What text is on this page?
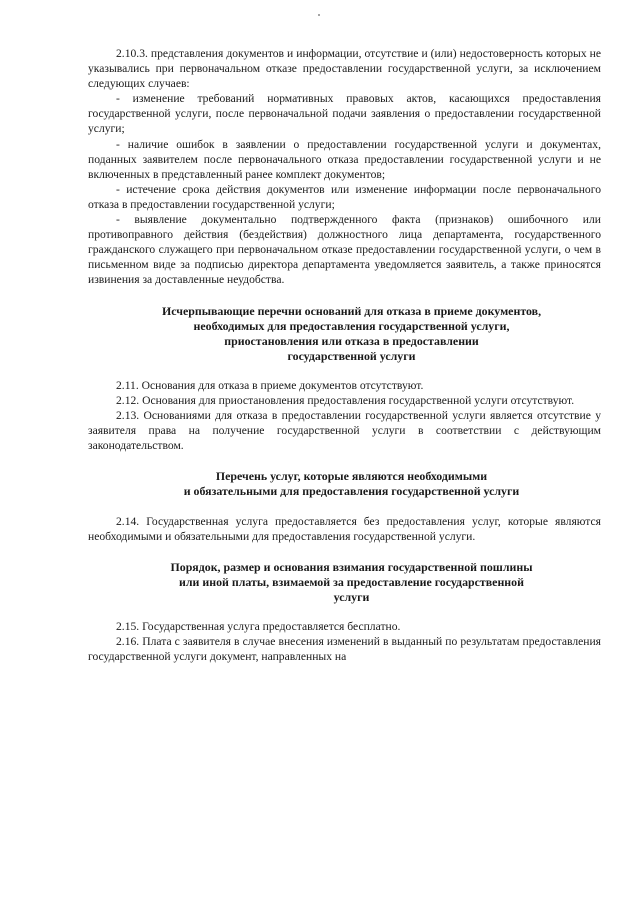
2.10.3. представления документов и информации, отсутствие и (или) недостоверность которых не указывались при первоначальном отказе предоставлении государственной услуги, за исключением следующих случаев:

- изменение требований нормативных правовых актов, касающихся предоставления государственной услуги, после первоначальной подачи заявления о предоставлении государственной услуги;

- наличие ошибок в заявлении о предоставлении государственной услуги и документах, поданных заявителем после первоначального отказа предоставлении государственной услуги и не включенных в представленный ранее комплект документов;

- истечение срока действия документов или изменение информации после первоначального отказа в предоставлении государственной услуги;

- выявление документально подтвержденного факта (признаков) ошибочного или противоправного действия (бездействия) должностного лица департамента, государственного гражданского служащего при первоначальном отказе предоставлении государственной услуги, о чем в письменном виде за подписью директора департамента уведомляется заявитель, а также приносятся извинения за доставленные неудобства.

Исчерпывающие перечни оснований для отказа в приеме документов,
необходимых для предоставления государственной услуги,
приостановления или отказа в предоставлении
государственной услуги

2.11. Основания для отказа в приеме документов отсутствуют.

2.12. Основания для приостановления предоставления государственной услуги отсутствуют.

2.13. Основаниями для отказа в предоставлении государственной услуги является отсутствие у заявителя права на получение государственной услуги в соответствии с действующим законодательством.

Перечень услуг, которые являются необходимыми
и обязательными для предоставления государственной услуги

2.14. Государственная услуга предоставляется без предоставления услуг, которые являются необходимыми и обязательными для предоставления государственной услуги.

Порядок, размер и основания взимания государственной пошлины
или иной платы, взимаемой за предоставление государственной
услуги

2.15. Государственная услуга предоставляется бесплатно.

2.16. Плата с заявителя в случае внесения изменений в выданный по результатам предоставления государственной услуги документ, направленных на
